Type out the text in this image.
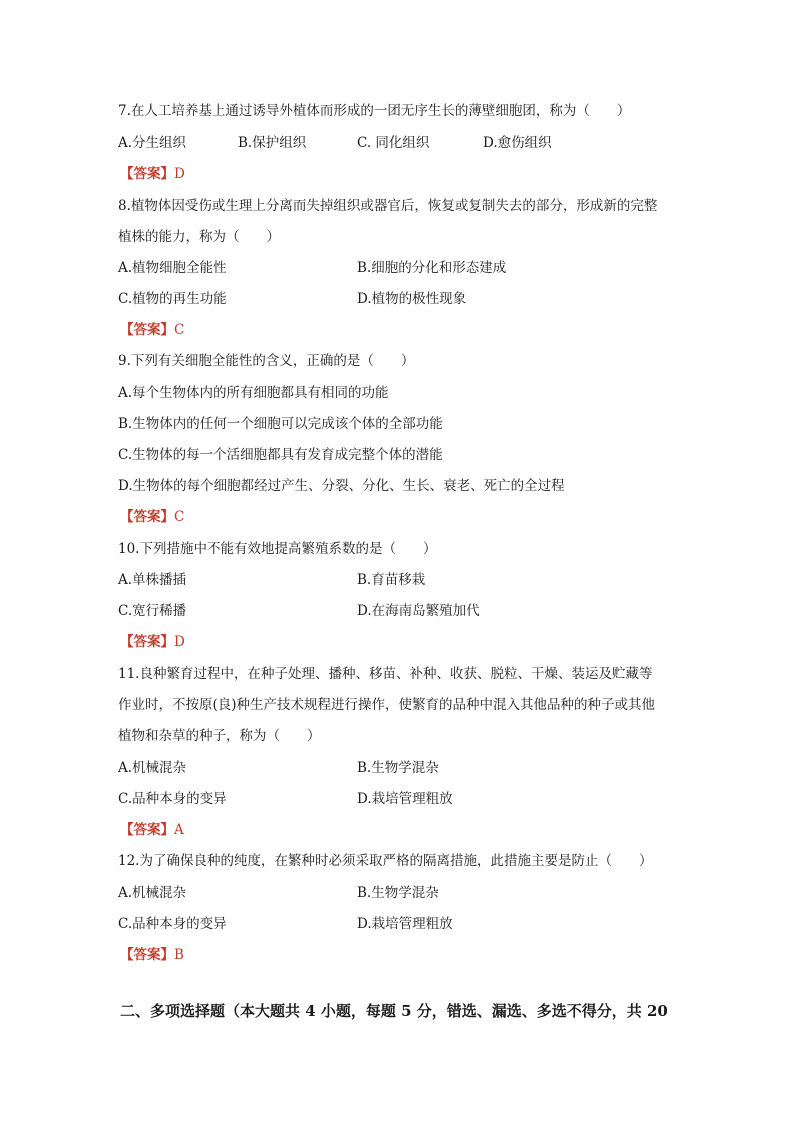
7.在人工培养基上通过诱导外植体而形成的一团无序生长的薄壁细胞团，称为（　　）
A.分生组织	B.保护组织	C. 同化组织	D.愈伤组织
【答案】D
8.植物体因受伤或生理上分离而失掉组织或器官后，恢复或复制失去的部分，形成新的完整
植株的能力，称为（　　）
A.植物细胞全能性	B.细胞的分化和形态建成
C.植物的再生功能	D.植物的极性现象
【答案】C
9.下列有关细胞全能性的含义，正确的是（　　）
A.每个生物体内的所有细胞都具有相同的功能
B.生物体内的任何一个细胞可以完成该个体的全部功能
C.生物体的每一个活细胞都具有发育成完整个体的潜能
D.生物体的每个细胞都经过产生、分裂、分化、生长、衰老、死亡的全过程
【答案】C
10.下列措施中不能有效地提高繁殖系数的是（　　）
A.单株播插	B.育苗移栽
C.宽行稀播	D.在海南岛繁殖加代
【答案】D
11.良种繁育过程中，在种子处理、播种、移苗、补种、收获、脱粒、干燥、装运及贮藏等
作业时，不按原(良)种生产技术规程进行操作，使繁育的品种中混入其他品种的种子或其他
植物和杂草的种子，称为（　　）
A.机械混杂	B.生物学混杂
C.品种本身的变异	D.栽培管理粗放
【答案】A
12.为了确保良种的纯度，在繁种时必须采取严格的隔离措施，此措施主要是防止（　　）
A.机械混杂	B.生物学混杂
C.品种本身的变异	D.栽培管理粗放
【答案】B
二、多项选择题（本大题共 4 小题，每题 5 分，错选、漏选、多选不得分，共 20
